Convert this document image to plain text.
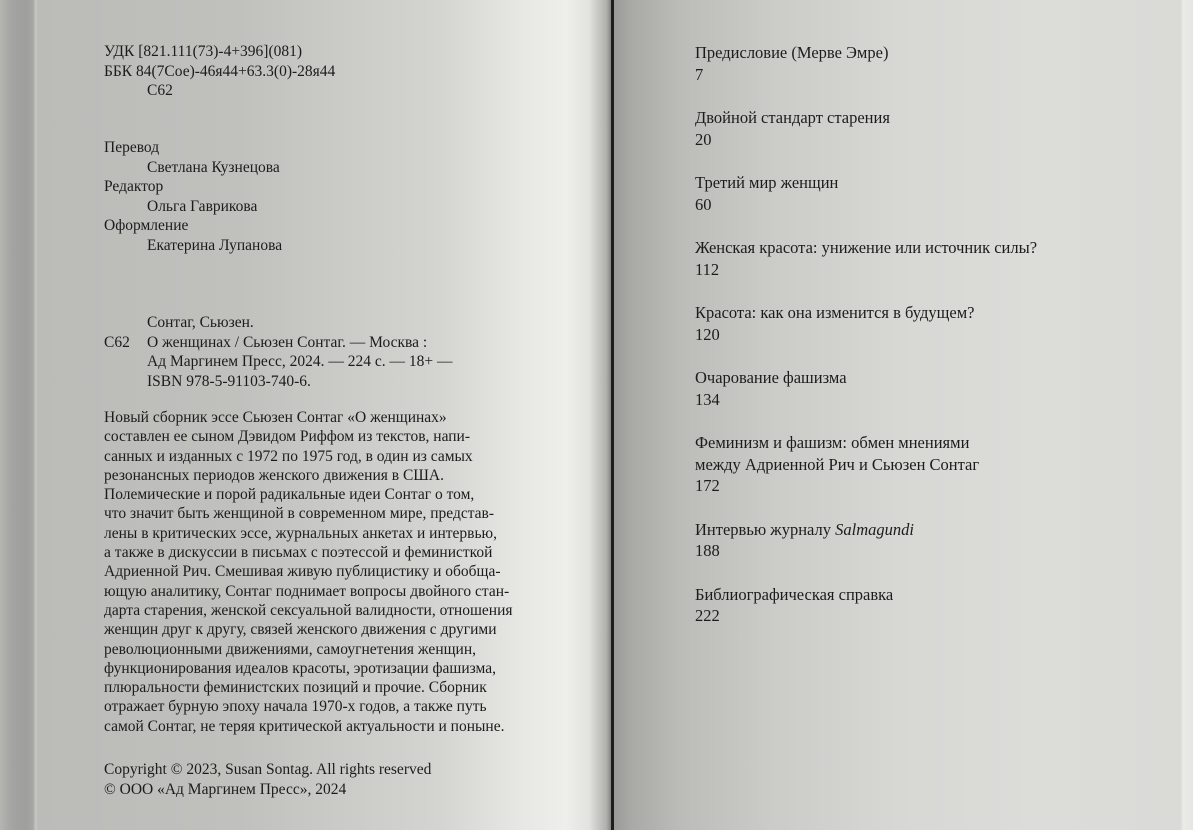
УДК [821.111(73)-4+396](081)
ББК 84(7Сое)-46я44+63.3(0)-28я44
С62
Перевод
Светлана Кузнецова
Редактор
Ольга Гаврикова
Оформление
Екатерина Лупанова
Сонтаг, Сьюзен.
С62	О женщинах / Сьюзен Сонтаг. — Москва :
Ад Маргинем Пресс, 2024. — 224 с. — 18+ —
ISBN 978-5-91103-740-6.
Новый сборник эссе Сьюзен Сонтаг «О женщинах»
составлен ее сыном Дэвидом Риффом из текстов, напи-
санных и изданных с 1972 по 1975 год, в один из самых
резонансных периодов женского движения в США.
Полемические и порой радикальные идеи Сонтаг о том,
что значит быть женщиной в современном мире, представ-
лены в критических эссе, журнальных анкетах и интервью,
а также в дискуссии в письмах с поэтессой и феминисткой
Адриенной Рич. Смешивая живую публицистику и обобща-
ющую аналитику, Сонтаг поднимает вопросы двойного стан-
дарта старения, женской сексуальной валидности, отношения
женщин друг к другу, связей женского движения с другими
революционными движениями, самоугнетения женщин,
функционирования идеалов красоты, эротизации фашизма,
плюральности феминистских позиций и прочие. Сборник
отражает бурную эпоху начала 1970-х годов, а также путь
самой Сонтаг, не теряя критической актуальности и поныне.
Copyright © 2023, Susan Sontag. All rights reserved
© ООО «Ад Маргинем Пресс», 2024
Предисловие (Мерве Эмре)
7
Двойной стандарт старения
20
Третий мир женщин
60
Женская красота: унижение или источник силы?
112
Красота: как она изменится в будущем?
120
Очарование фашизма
134
Феминизм и фашизм: обмен мнениями
между Адриенной Рич и Сьюзен Сонтаг
172
Интервью журналу Salmagundi
188
Библиографическая справка
222
